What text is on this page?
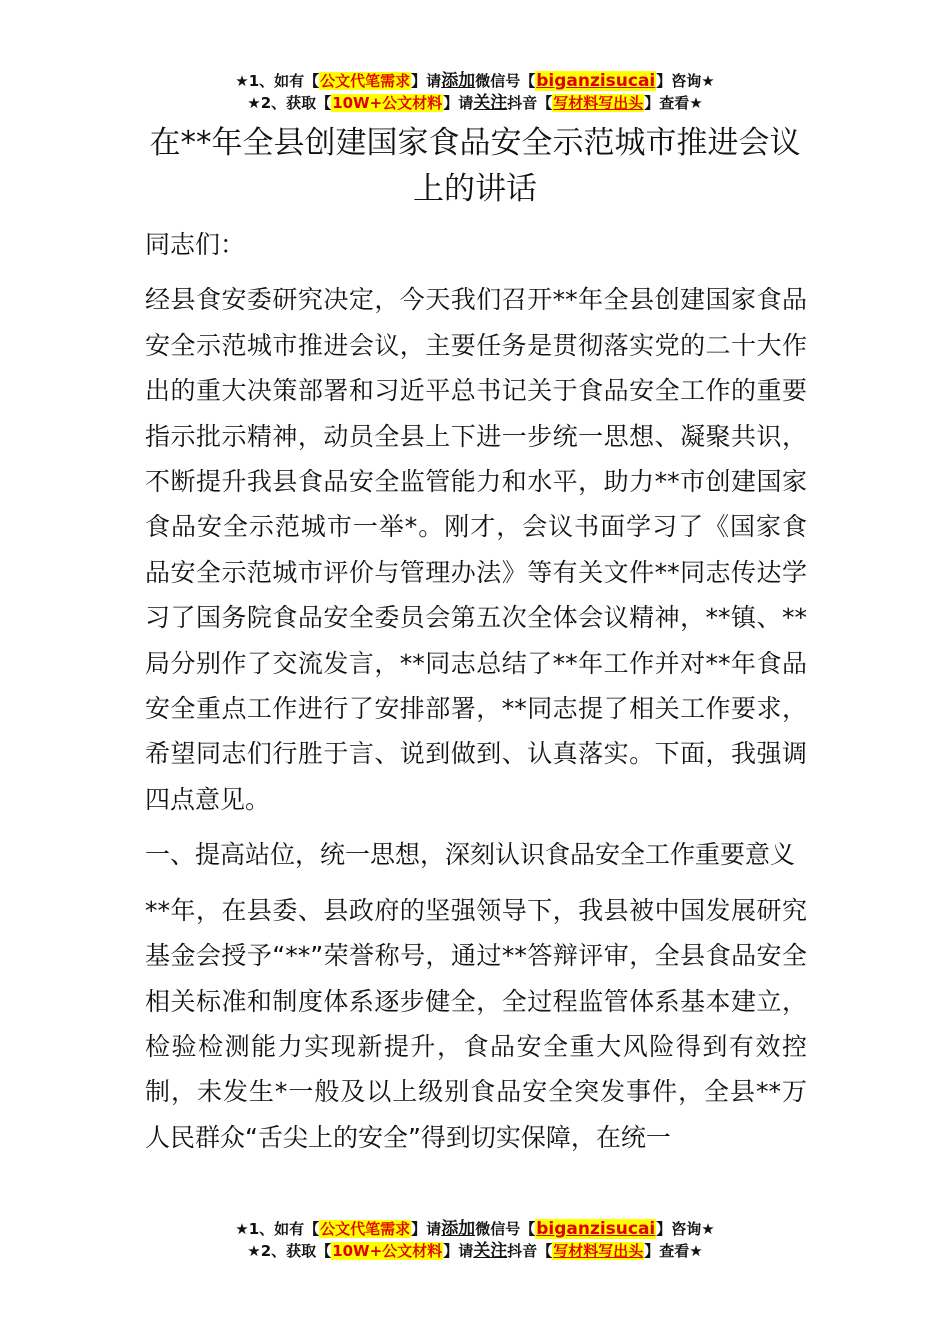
★1、如有【公文代笔需求】请添加微信号【biganzisucai】咨询★
★2、获取【10W+公文材料】请关注抖音【写材料写出头】查看★
在**年全县创建国家食品安全示范城市推进会议上的讲话

同志们：

经县食安委研究决定，今天我们召开**年全县创建国家食品安全示范城市推进会议，主要任务是贯彻落实党的二十大作出的重大决策部署和习近平总书记关于食品安全工作的重要指示批示精神，动员全县上下进一步统一思想、凝聚共识，不断提升我县食品安全监管能力和水平，助力**市创建国家食品安全示范城市一举*。刚才，会议书面学习了《国家食品安全示范城市评价与管理办法》等有关文件**同志传达学习了国务院食品安全委员会第五次全体会议精神，**镇、**局分别作了交流发言，**同志总结了**年工作并对**年食品安全重点工作进行了安排部署，**同志提了相关工作要求，希望同志们行胜于言、说到做到、认真落实。下面，我强调四点意见。

一、提高站位，统一思想，深刻认识食品安全工作重要意义

**年，在县委、县政府的坚强领导下，我县被中国发展研究基金会授予“**”荣誉称号，通过**答辩评审，全县食品安全相关标准和制度体系逐步健全，全过程监管体系基本建立，检验检测能力实现新提升，食品安全重大风险得到有效控制，未发生*一般及以上级别食品安全突发事件，全县**万人民群众“舌尖上的安全”得到切实保障，在统一

★1、如有【公文代笔需求】请添加微信号【biganzisucai】咨询★
★2、获取【10W+公文材料】请关注抖音【写材料写出头】查看★
